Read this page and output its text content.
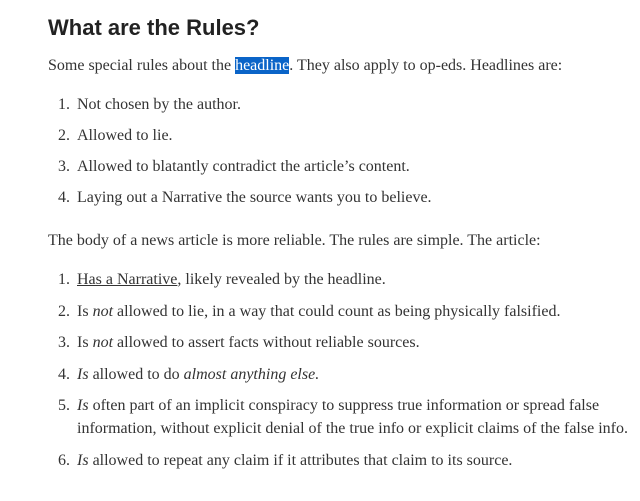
What are the Rules?

Some special rules about the headline. They also apply to op-eds. Headlines are:

1. Not chosen by the author.
2. Allowed to lie.
3. Allowed to blatantly contradict the article’s content.
4. Laying out a Narrative the source wants you to believe.

The body of a news article is more reliable. The rules are simple. The article:

1. Has a Narrative, likely revealed by the headline.
2. Is not allowed to lie, in a way that could count as being physically falsified.
3. Is not allowed to assert facts without reliable sources.
4. Is allowed to do almost anything else.
5. Is often part of an implicit conspiracy to suppress true information or spread false information, without explicit denial of the true info or explicit claims of the false info.
6. Is allowed to repeat any claim if it attributes that claim to its source.
